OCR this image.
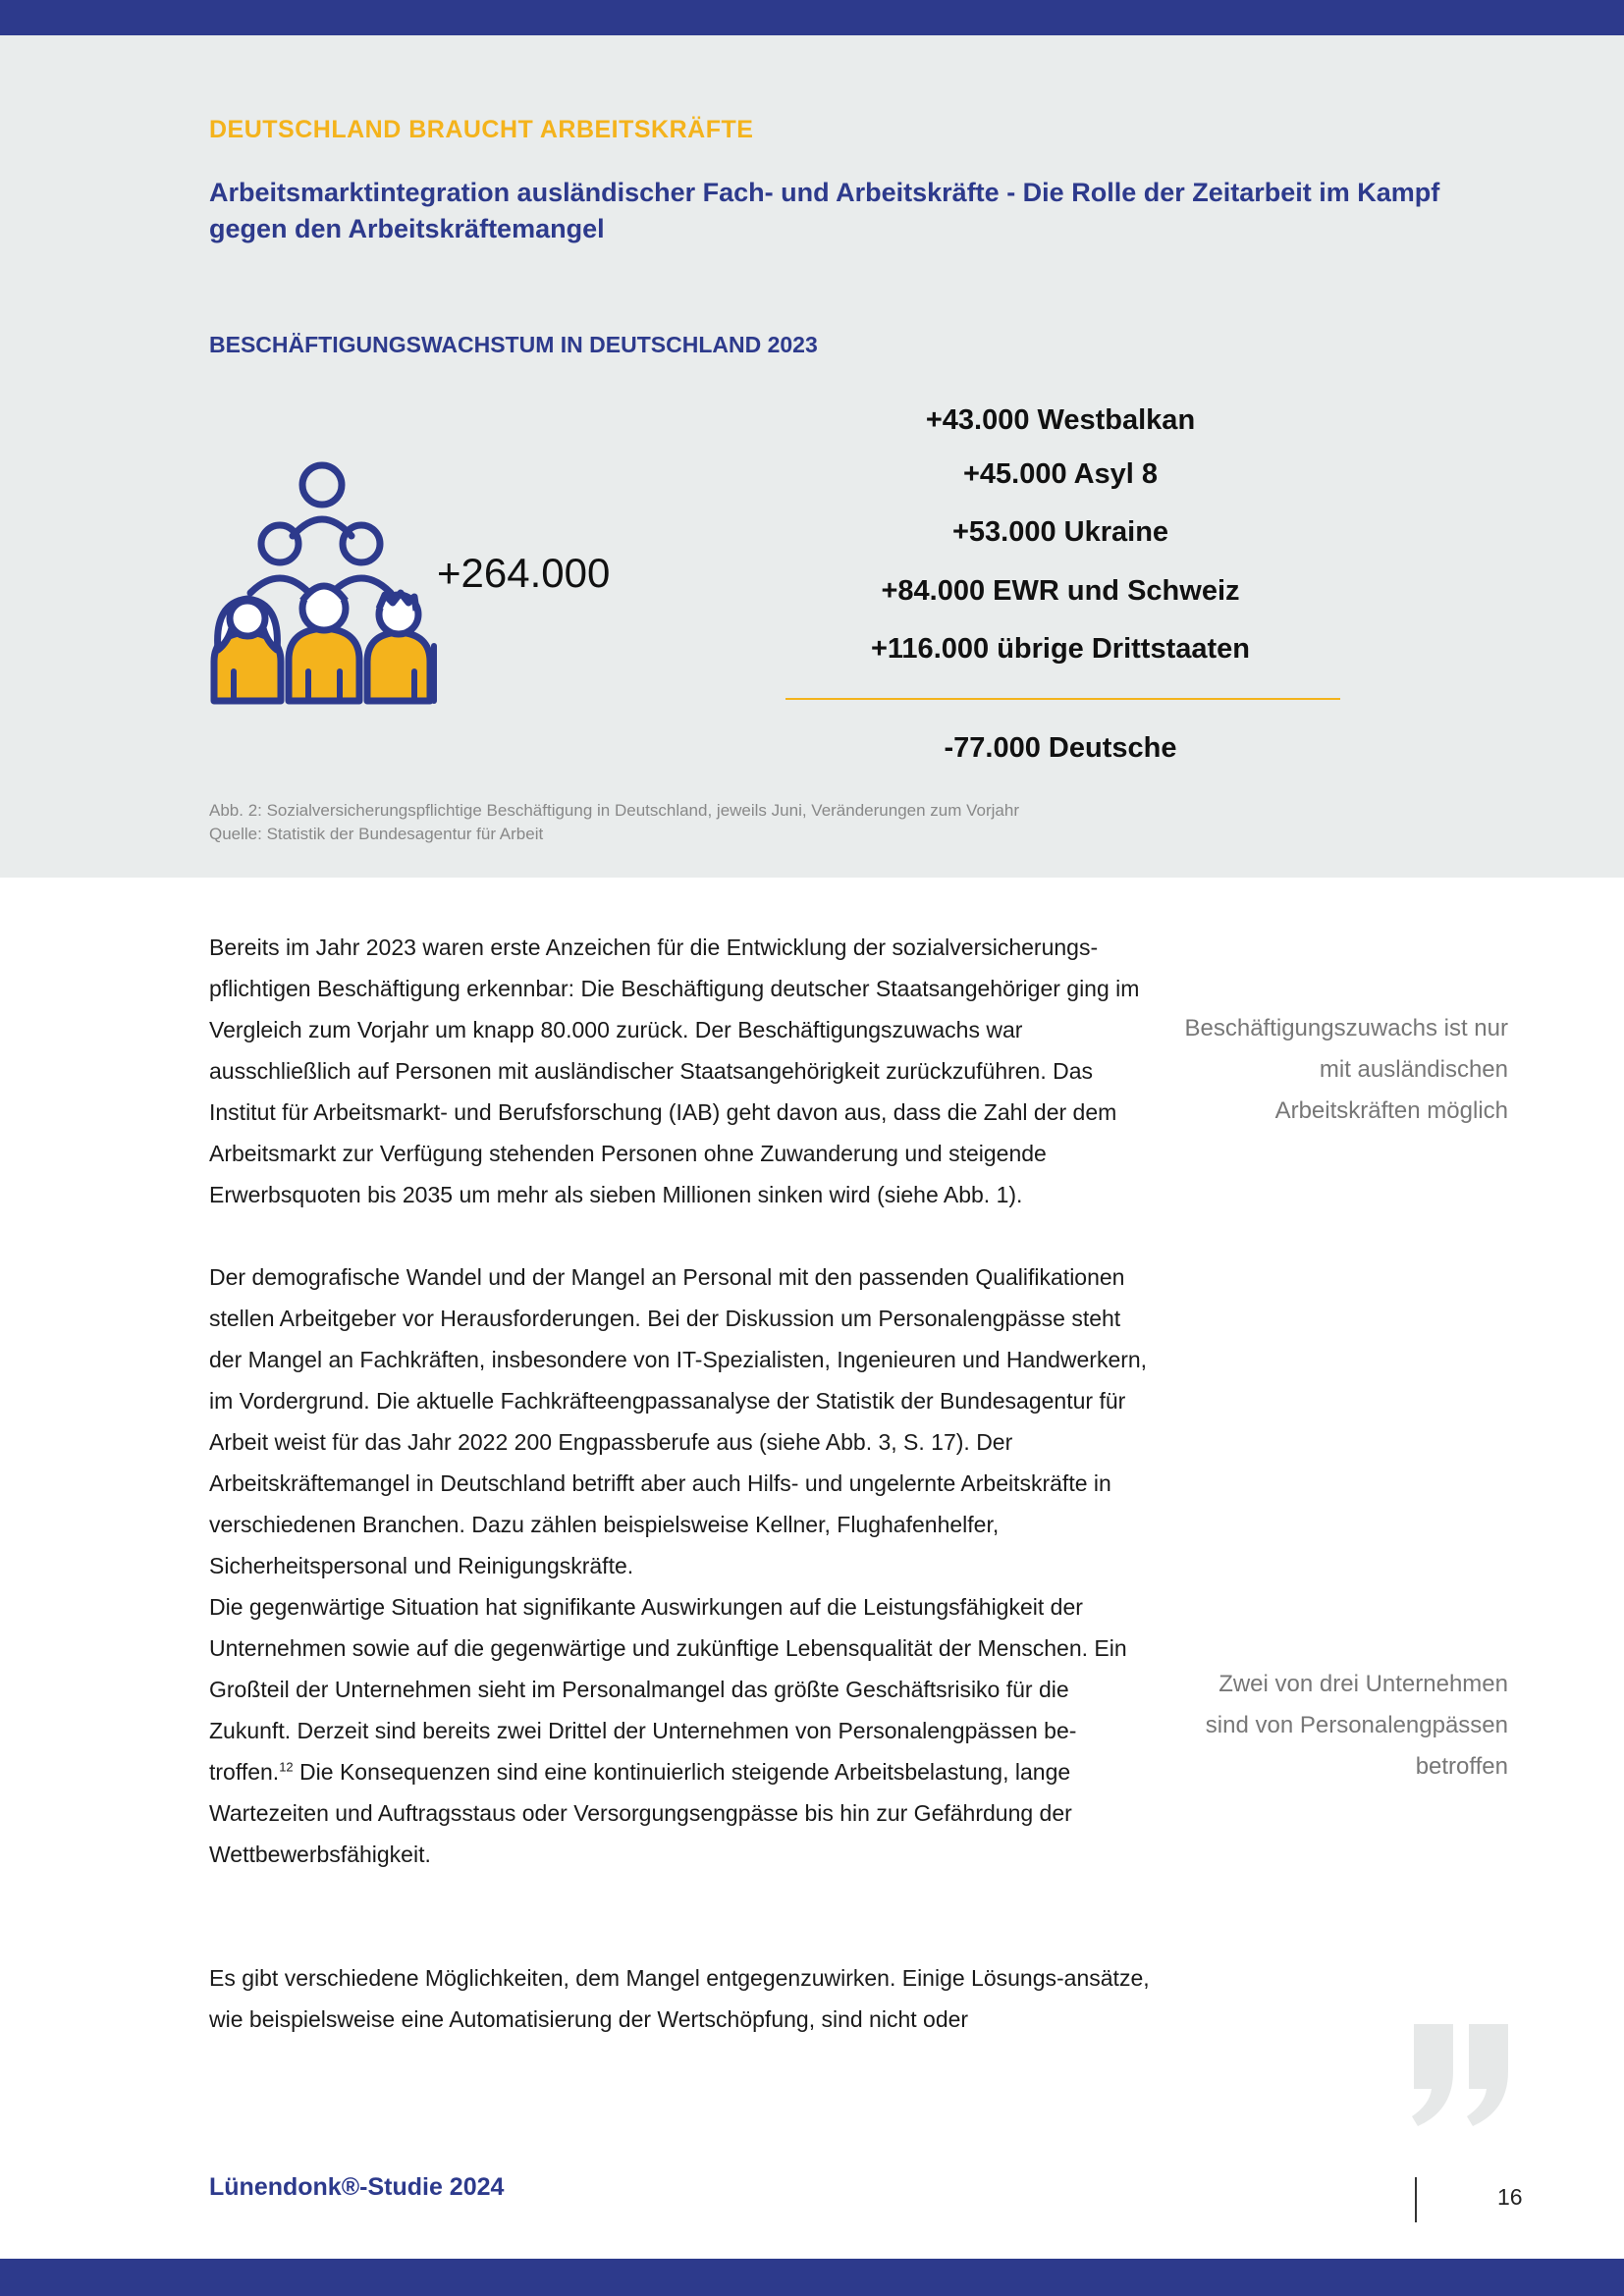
DEUTSCHLAND BRAUCHT ARBEITSKRÄFTE
Arbeitsmarktintegration ausländischer Fach- und Arbeitskräfte - Die Rolle der Zeitarbeit im Kampf gegen den Arbeitskräftemangel
BESCHÄFTIGUNGSWACHSTUM IN DEUTSCHLAND 2023
+264.000
+43.000 Westbalkan
+45.000 Asyl 8
+53.000 Ukraine
+84.000 EWR und Schweiz
+116.000 übrige Drittstaaten
-77.000 Deutsche
Abb. 2: Sozialversicherungspflichtige Beschäftigung in Deutschland, jeweils Juni, Veränderungen zum Vorjahr
Quelle: Statistik der Bundesagentur für Arbeit

Bereits im Jahr 2023 waren erste Anzeichen für die Entwicklung der sozialversicherungs-pflichtigen Beschäftigung erkennbar: Die Beschäftigung deutscher Staatsangehöriger ging im Vergleich zum Vorjahr um knapp 80.000 zurück. Der Beschäftigungszuwachs war ausschließlich auf Personen mit ausländischer Staatsangehörigkeit zurückzuführen. Das Institut für Arbeitsmarkt- und Berufsforschung (IAB) geht davon aus, dass die Zahl der dem Arbeitsmarkt zur Verfügung stehenden Personen ohne Zuwanderung und steigende Erwerbsquoten bis 2035 um mehr als sieben Millionen sinken wird (siehe Abb. 1).

Der demografische Wandel und der Mangel an Personal mit den passenden Qualifikationen stellen Arbeitgeber vor Herausforderungen. Bei der Diskussion um Personalengpässe steht der Mangel an Fachkräften, insbesondere von IT-Spezialisten, Ingenieuren und Handwerkern, im Vordergrund. Die aktuelle Fachkräfteengpassanalyse der Statistik der Bundesagentur für Arbeit weist für das Jahr 2022 200 Engpassberufe aus (siehe Abb. 3, S. 17). Der Arbeitskräftemangel in Deutschland betrifft aber auch Hilfs- und ungelernte Arbeitskräfte in verschiedenen Branchen. Dazu zählen beispielsweise Kellner, Flughafenhelfer, Sicherheitspersonal und Reinigungskräfte.

Die gegenwärtige Situation hat signifikante Auswirkungen auf die Leistungsfähigkeit der Unternehmen sowie auf die gegenwärtige und zukünftige Lebensqualität der Menschen. Ein Großteil der Unternehmen sieht im Personalmangel das größte Geschäftsrisiko für die Zukunft. Derzeit sind bereits zwei Drittel der Unternehmen von Personalengpässen be-troffen.$^{12}$ Die Konsequenzen sind eine kontinuierlich steigende Arbeitsbelastung, lange Wartezeiten und Auftragsstaus oder Versorgungsengpässe bis hin zur Gefährdung der Wettbewerbsfähigkeit.

Es gibt verschiedene Möglichkeiten, dem Mangel entgegenzuwirken. Einige Lösungs-ansätze, wie beispielsweise eine Automatisierung der Wertschöpfung, sind nicht oder

Beschäftigungszuwachs ist nur mit ausländischen Arbeitskräften möglich
Zwei von drei Unternehmen sind von Personalengpässen betroffen
Lünendonk®-Studie 2024	16
